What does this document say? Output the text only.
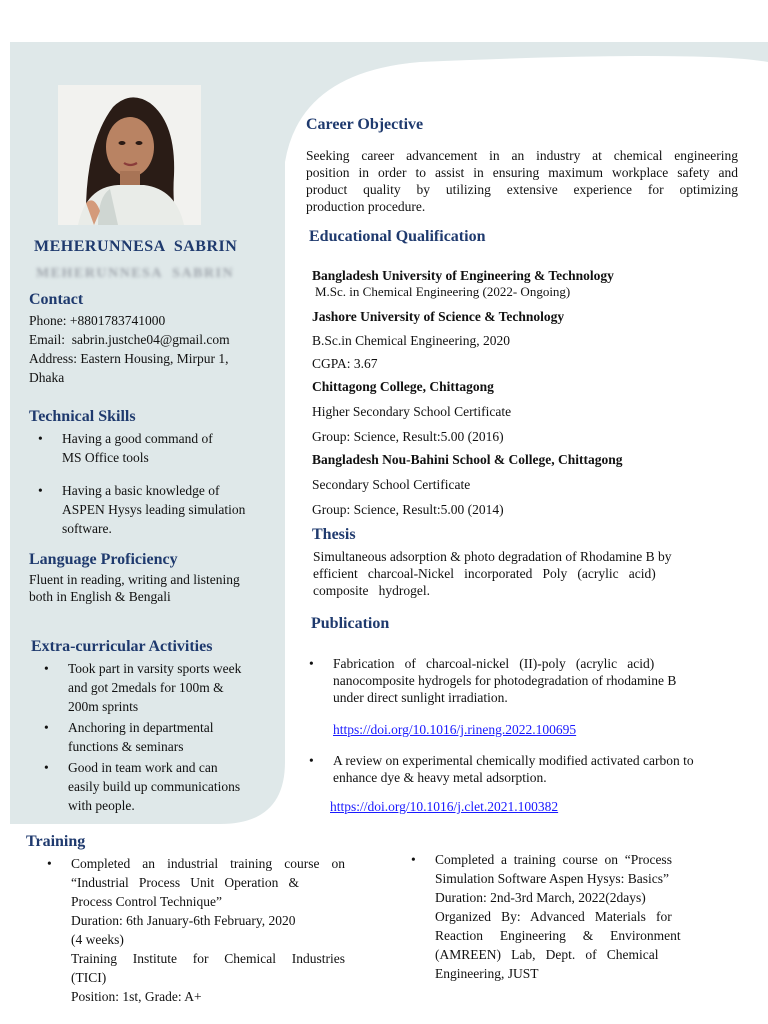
MEHERUNNESA  SABRIN
MEHERUNNESA  SABRIN
Contact
Phone: +8801783741000
Email:  sabrin.justche04@gmail.com
Address: Eastern Housing, Mirpur 1,
Dhaka
Technical Skills
• Having a good command of
MS Office tools
• Having a basic knowledge of
ASPEN Hysys leading simulation
software.
Language Proficiency
Fluent in reading, writing and listening
both in English & Bengali
Extra-curricular Activities
• Took part in varsity sports week
and got 2medals for 100m &
200m sprints
• Anchoring in departmental
functions & seminars
• Good in team work and can
easily build up communications
with people.
Career Objective
Seeking career advancement in an industry at chemical engineering
position in order to assist in ensuring maximum workplace safety and
product quality by utilizing extensive experience for optimizing
production procedure.
Educational Qualification
Bangladesh University of Engineering & Technology
M.Sc. in Chemical Engineering (2022- Ongoing)
Jashore University of Science & Technology
B.Sc.in Chemical Engineering, 2020
CGPA: 3.67
Chittagong College, Chittagong
Higher Secondary School Certificate
Group: Science, Result:5.00 (2016)
Bangladesh Nou-Bahini School & College, Chittagong
Secondary School Certificate
Group: Science, Result:5.00 (2014)
Thesis
Simultaneous adsorption & photo degradation of Rhodamine B by
efficient   charcoal-Nickel   incorporated   Poly   (acrylic   acid)
composite   hydrogel.
Publication
• Fabrication   of   charcoal-nickel   (II)-poly   (acrylic   acid)
nanocomposite hydrogels for photodegradation of rhodamine B
under direct sunlight irradiation.
https://doi.org/10.1016/j.rineng.2022.100695
• A review on experimental chemically modified activated carbon to
enhance dye & heavy metal adsorption.
https://doi.org/10.1016/j.clet.2021.100382
Training
• Completed an industrial training course on
“Industrial   Process   Unit   Operation   &
Process Control Technique”
Duration: 6th January-6th February, 2020
(4 weeks)
Training Institute for Chemical Industries
(TICI)
Position: 1st, Grade: A+
• Completed  a  training  course  on  “Process
Simulation Software Aspen Hysys: Basics”
Duration: 2nd-3rd March, 2022(2days)
Organized   By:   Advanced   Materials   for
Reaction     Engineering     &     Environment
(AMREEN)   Lab,   Dept.   of   Chemical
Engineering, JUST
